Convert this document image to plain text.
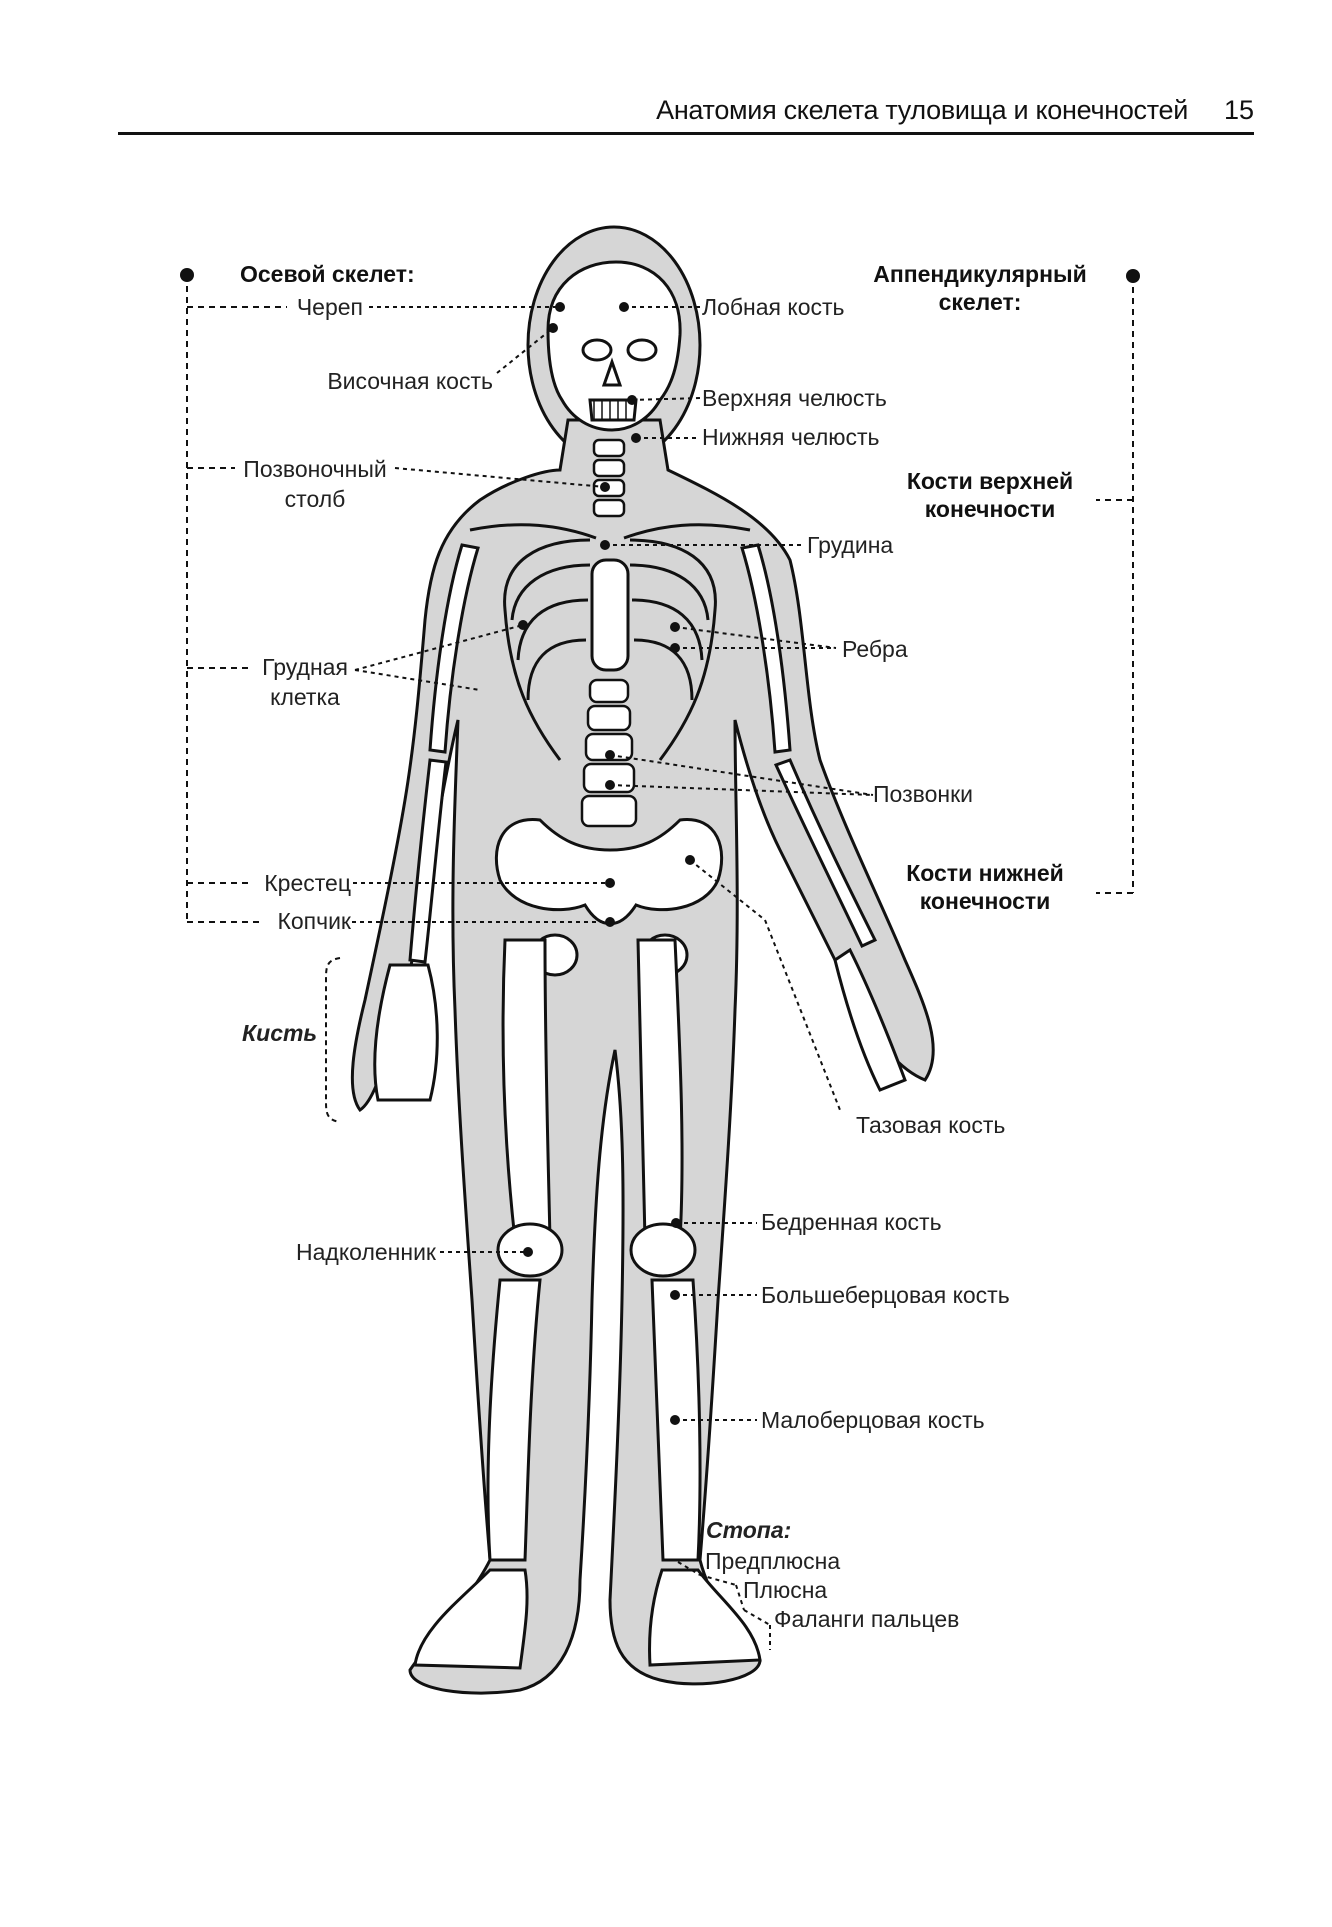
Анатомия скелета туловища и конечностей 15
Осевой скелет:	Аппендикулярный
скелет:
Кости верхней
конечности
Кости нижней
конечности
Кисть
Стопа:
Череп
Височная кость
Позвоночный
столб
Грудная
клетка
Крестец
Копчик
Надколенник
Лобная кость
Верхняя челюсть
Нижняя челюсть
Грудина
Ребра
Позвонки
Тазовая кость
Бедренная кость
Большеберцовая кость
Малоберцовая кость
Предплюсна
Плюсна
Фаланги пальцев
